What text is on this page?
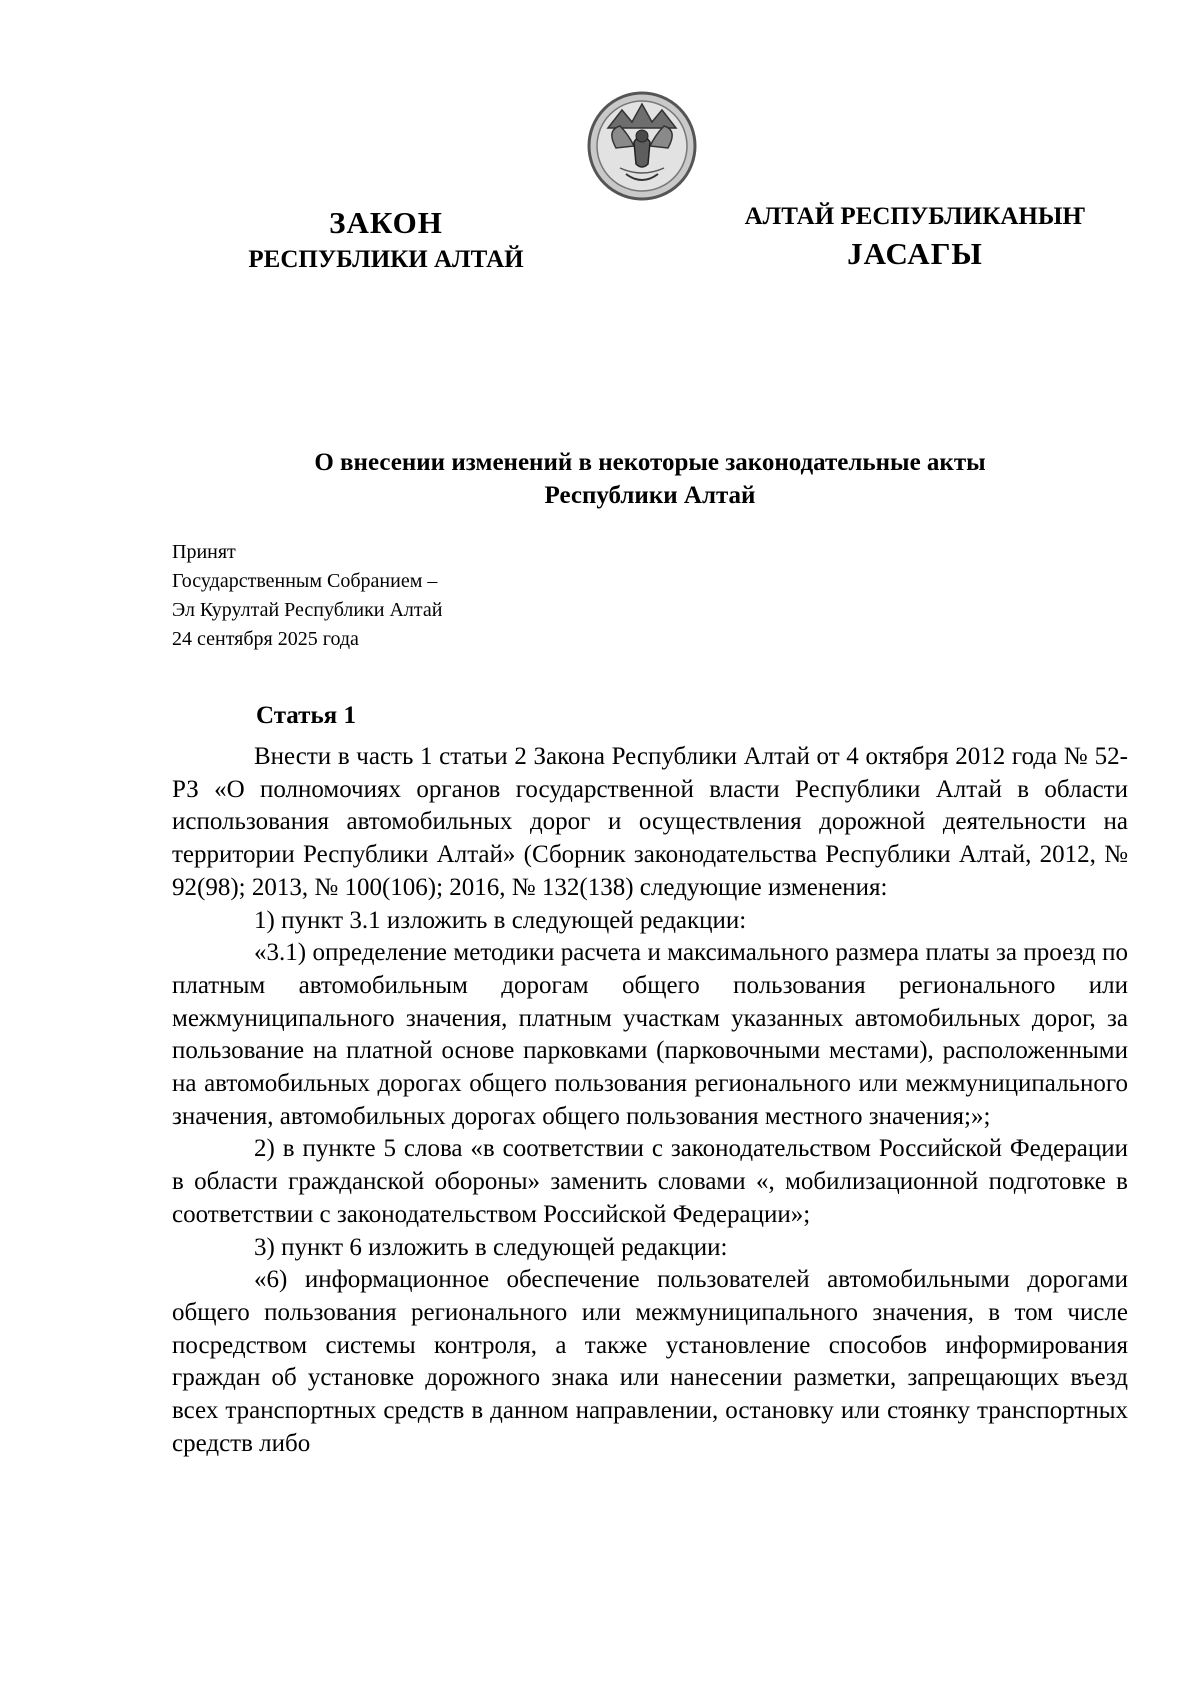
ЗАКОН
РЕСПУБЛИКИ АЛТАЙ
АЛТАЙ РЕСПУБЛИКАНЫҤ
ЈАСАГЫ
О внесении изменений в некоторые законодательные акты
Республики Алтай
Принят
Государственным Собранием –
Эл Курултай Республики Алтай
24 сентября 2025 года
Статья 1

Внести в часть 1 статьи 2 Закона Республики Алтай от 4 октября 2012 года № 52-РЗ «О полномочиях органов государственной власти Республики Алтай в области использования автомобильных дорог и осуществления дорожной деятельности на территории Республики Алтай» (Сборник законодательства Республики Алтай, 2012, № 92(98); 2013, № 100(106); 2016, № 132(138) следующие изменения:

1) пункт 3.1 изложить в следующей редакции:

«3.1) определение методики расчета и максимального размера платы за проезд по платным автомобильным дорогам общего пользования регионального или межмуниципального значения, платным участкам указанных автомобильных дорог, за пользование на платной основе парковками (парковочными местами), расположенными на автомобильных дорогах общего пользования регионального или межмуниципального значения, автомобильных дорогах общего пользования местного значения;»;

2) в пункте 5 слова «в соответствии с законодательством Российской Федерации в области гражданской обороны» заменить словами «, мобилизационной подготовке в соответствии с законодательством Российской Федерации»;

3) пункт 6 изложить в следующей редакции:

«6) информационное обеспечение пользователей автомобильными дорогами общего пользования регионального или межмуниципального значения, в том числе посредством системы контроля, а также установление способов информирования граждан об установке дорожного знака или нанесении разметки, запрещающих въезд всех транспортных средств в данном направлении, остановку или стоянку транспортных средств либо
